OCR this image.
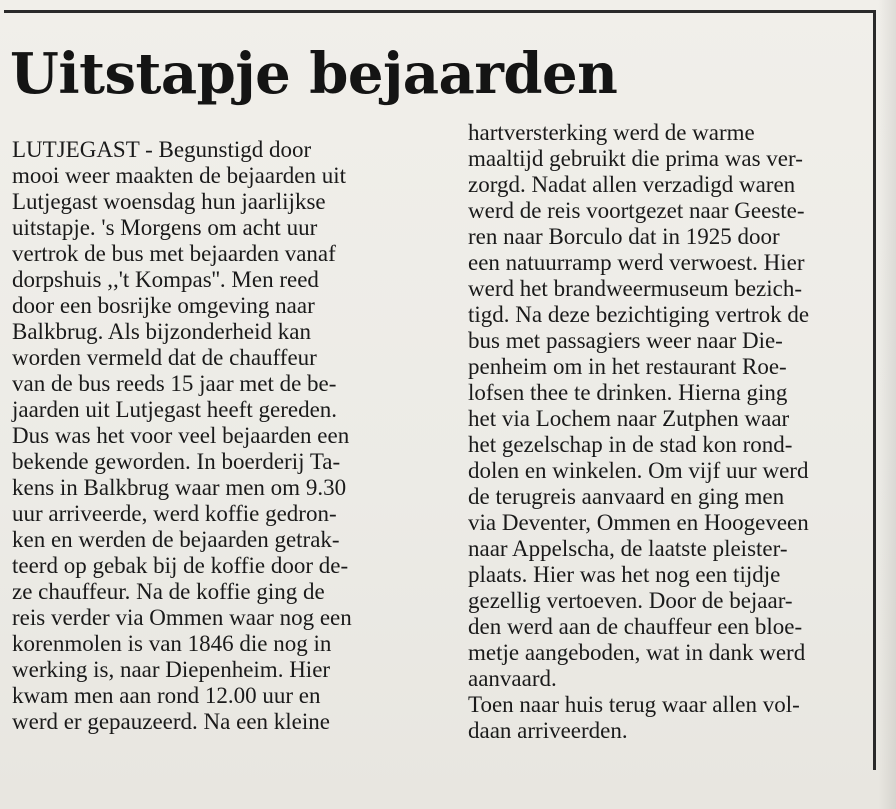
Uitstapje bejaarden

LUTJEGAST - Begunstigd door
mooi weer maakten de bejaarden uit
Lutjegast woensdag hun jaarlijkse
uitstapje. 's Morgens om acht uur
vertrok de bus met bejaarden vanaf
dorpshuis ,,'t Kompas''. Men reed
door een bosrijke omgeving naar
Balkbrug. Als bijzonderheid kan
worden vermeld dat de chauffeur
van de bus reeds 15 jaar met de be-
jaarden uit Lutjegast heeft gereden.
Dus was het voor veel bejaarden een
bekende geworden. In boerderij Ta-
kens in Balkbrug waar men om 9.30
uur arriveerde, werd koffie gedron-
ken en werden de bejaarden getrak-
teerd op gebak bij de koffie door de-
ze chauffeur. Na de koffie ging de
reis verder via Ommen waar nog een
korenmolen is van 1846 die nog in
werking is, naar Diepenheim. Hier
kwam men aan rond 12.00 uur en
werd er gepauzeerd. Na een kleine

hartversterking werd de warme
maaltijd gebruikt die prima was ver-
zorgd. Nadat allen verzadigd waren
werd de reis voortgezet naar Geeste-
ren naar Borculo dat in 1925 door
een natuurramp werd verwoest. Hier
werd het brandweermuseum bezich-
tigd. Na deze bezichtiging vertrok de
bus met passagiers weer naar Die-
penheim om in het restaurant Roe-
lofsen thee te drinken. Hierna ging
het via Lochem naar Zutphen waar
het gezelschap in de stad kon rond-
dolen en winkelen. Om vijf uur werd
de terugreis aanvaard en ging men
via Deventer, Ommen en Hoogeveen
naar Appelscha, de laatste pleister-
plaats. Hier was het nog een tijdje
gezellig vertoeven. Door de bejaar-
den werd aan de chauffeur een bloe-
metje aangeboden, wat in dank werd
aanvaard.
Toen naar huis terug waar allen vol-
daan arriveerden.
